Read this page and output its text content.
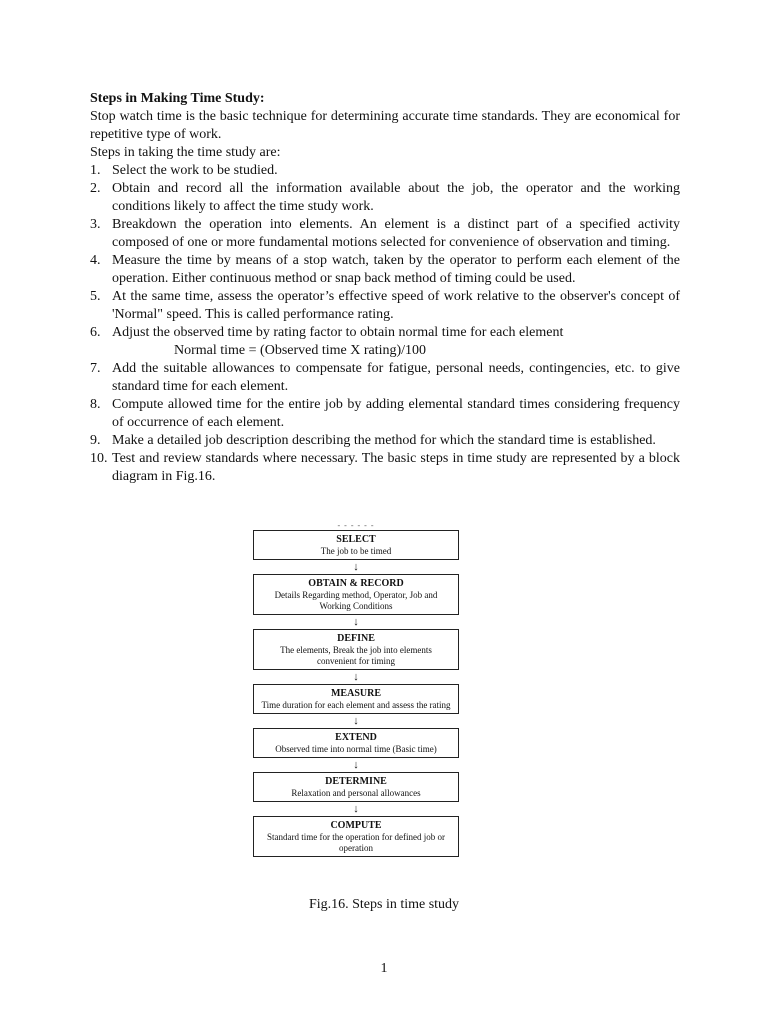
Steps in Making Time Study:
Stop watch time is the basic technique for determining accurate time standards. They are economical for repetitive type of work.
Steps in taking the time study are:
1. Select the work to be studied.
2. Obtain and record all the information available about the job, the operator and the working conditions likely to affect the time study work.
3. Breakdown the operation into elements. An element is a distinct part of a specified activity composed of one or more fundamental motions selected for convenience of observation and timing.
4. Measure the time by means of a stop watch, taken by the operator to perform each element of the operation. Either continuous method or snap back method of timing could be used.
5. At the same time, assess the operator’s effective speed of work relative to the observer's concept of 'Normal" speed. This is called performance rating.
6. Adjust the observed time by rating factor to obtain normal time for each element
Normal time = (Observed time X rating)/100
7. Add the suitable allowances to compensate for fatigue, personal needs, contingencies, etc. to give standard time for each element.
8. Compute allowed time for the entire job by adding elemental standard times considering frequency of occurrence of each element.
9. Make a detailed job description describing the method for which the standard time is established.
10. Test and review standards where necessary. The basic steps in time study are represented by a block diagram in Fig.16.
- - - - - -
SELECT
The job to be timed
↓
OBTAIN & RECORD
Details Regarding method, Operator, Job and Working Conditions
↓
DEFINE
The elements, Break the job into elements convenient for timing
↓
MEASURE
Time duration for each element and assess the rating
↓
EXTEND
Observed time into normal time (Basic time)
↓
DETERMINE
Relaxation and personal allowances
↓
COMPUTE
Standard time for the operation for defined job or operation
Fig.16. Steps in time study
1
